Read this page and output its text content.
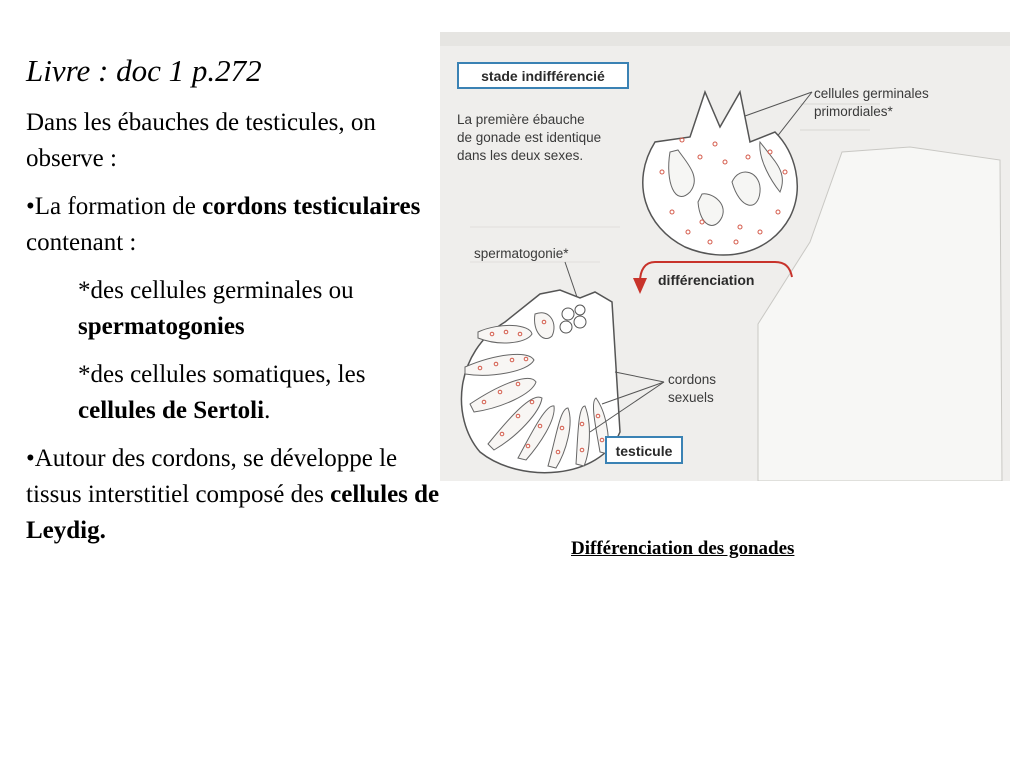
Livre : doc 1 p.272

Dans les ébauches de testicules, on observe :

•La formation de cordons testiculaires contenant :

*des cellules germinales ou spermatogonies

*des cellules somatiques, les cellules de Sertoli.

•Autour des cordons, se développe le tissus interstitiel composé des cellules de Leydig.

stade indifférencié
La première ébauche
de gonade est identique
dans les deux sexes.
cellules germinales
primordiales*
différenciation
spermatogonie*
cordons
sexuels
testicule
Différenciation des gonades
